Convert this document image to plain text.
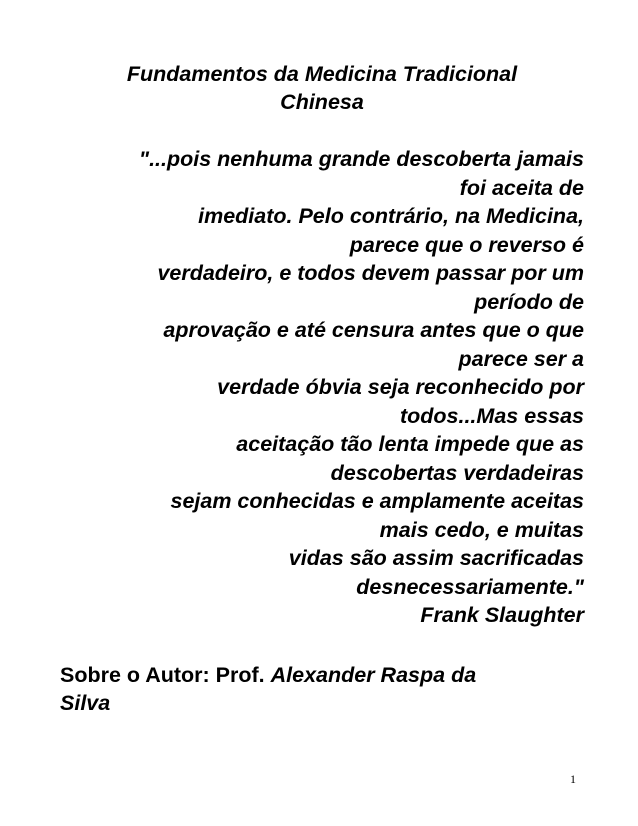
Fundamentos da Medicina Tradicional
Chinesa
"...pois nenhuma grande descoberta jamais
foi aceita de
imediato. Pelo contrário, na Medicina,
parece que o reverso é
verdadeiro, e todos devem passar por um
período de
aprovação e até censura antes que o que
parece ser a
verdade óbvia seja reconhecido por
todos...Mas essas
aceitação tão lenta impede que as
descobertas verdadeiras
sejam conhecidas e amplamente aceitas
mais cedo, e muitas
vidas são assim sacrificadas
desnecessariamente."
Frank Slaughter
Sobre o Autor: Prof. Alexander Raspa da
Silva
1
